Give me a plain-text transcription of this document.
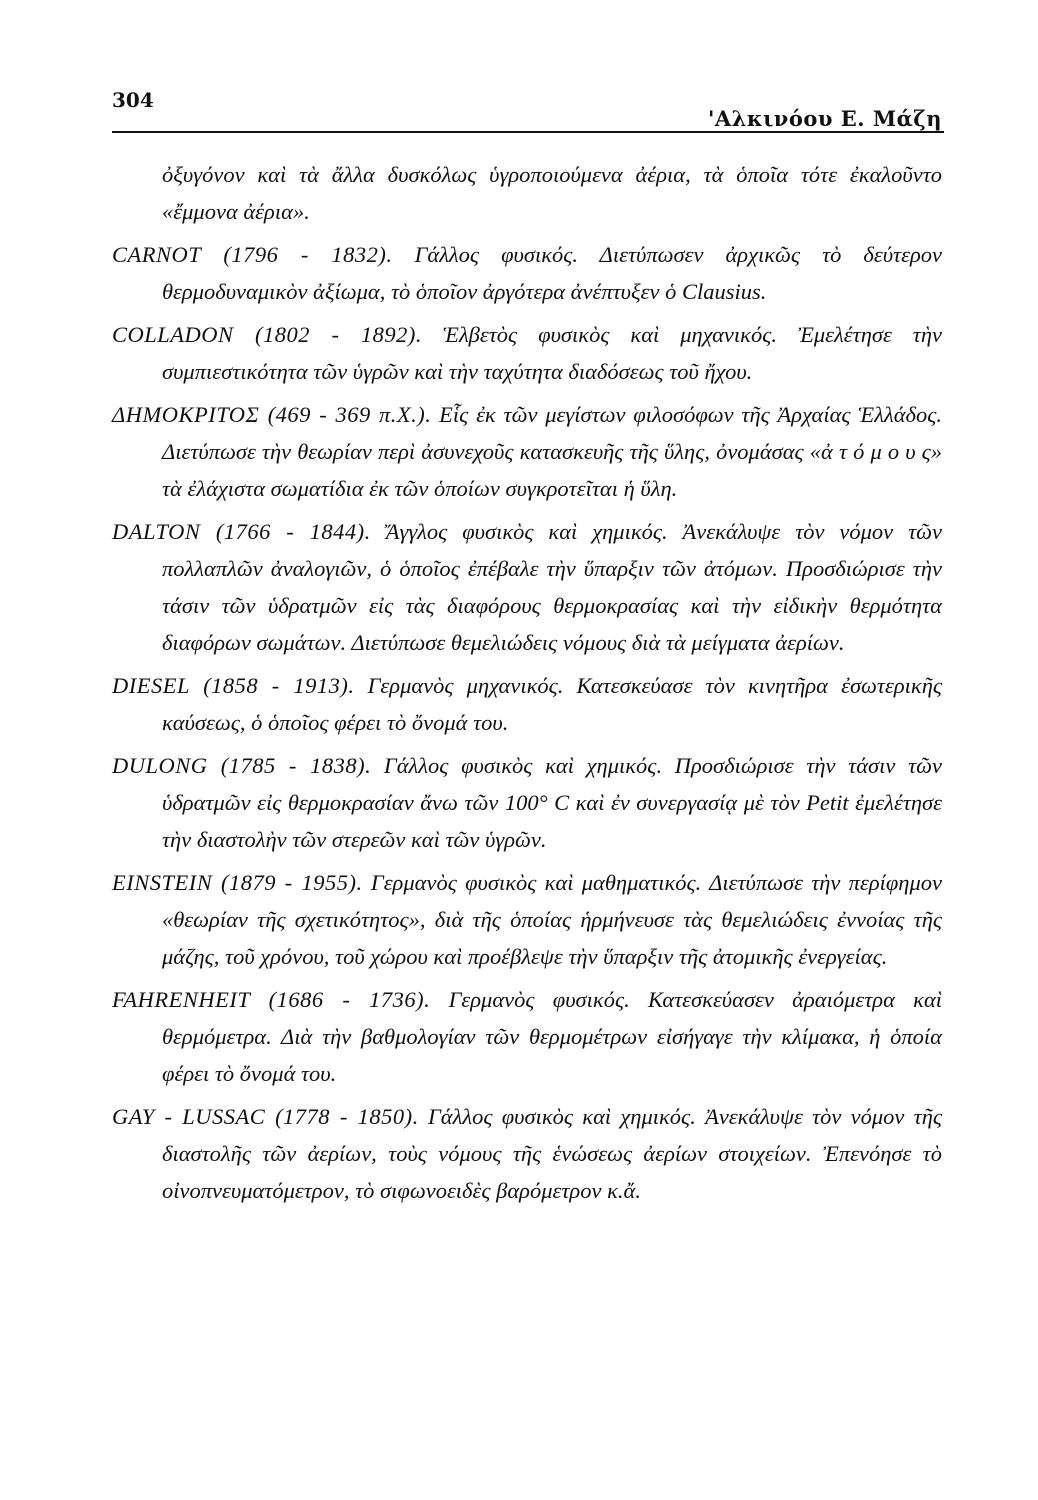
304
'Αλκινόου Ε. Μάζη

ὀξυγόνον καὶ τὰ ἄλλα δυσκόλως ὑγροποιούμενα ἀέρια, τὰ ὁποῖα τότε ἐκαλοῦντο «ἔμμονα ἀέρια».

CARNOT (1796 - 1832). Γάλλος φυσικός. Διετύπωσεν ἀρχικῶς τὸ δεύτερον θερμοδυναμικὸν ἀξίωμα, τὸ ὁποῖον ἀργότερα ἀνέπτυξεν ὁ Clausius.

COLLADON (1802 - 1892). Ἑλβετὸς φυσικὸς καὶ μηχανικός. Ἐμελέτησε τὴν συμπιεστικότητα τῶν ὑγρῶν καὶ τὴν ταχύτητα διαδόσεως τοῦ ἤχου.

ΔΗΜΟΚΡΙΤΟΣ (469 - 369 π.Χ.). Εἷς ἐκ τῶν μεγίστων φιλοσόφων τῆς Ἀρχαίας Ἑλλάδος. Διετύπωσε τὴν θεωρίαν περὶ ἀσυνεχοῦς κατασκευῆς τῆς ὕλης, ὀνομάσας «ἀ τ ό μ ο υ ς» τὰ ἐλάχιστα σωματίδια ἐκ τῶν ὁποίων συγκροτεῖται ἡ ὕλη.

DALTON (1766 - 1844). Ἄγγλος φυσικὸς καὶ χημικός. Ἀνεκάλυψε τὸν νόμον τῶν πολλαπλῶν ἀναλογιῶν, ὁ ὁποῖος ἐπέβαλε τὴν ὕπαρξιν τῶν ἀτόμων. Προσδιώρισε τὴν τάσιν τῶν ὑδρατμῶν εἰς τὰς διαφόρους θερμοκρασίας καὶ τὴν εἰδικὴν θερμότητα διαφόρων σωμάτων. Διετύπωσε θεμελιώδεις νόμους διὰ τὰ μείγματα ἀερίων.

DIESEL (1858 - 1913). Γερμανὸς μηχανικός. Κατεσκεύασε τὸν κινητῆρα ἐσωτερικῆς καύσεως, ὁ ὁποῖος φέρει τὸ ὄνομά του.

DULONG (1785 - 1838). Γάλλος φυσικὸς καὶ χημικός. Προσδιώρισε τὴν τάσιν τῶν ὑδρατμῶν εἰς θερμοκρασίαν ἄνω τῶν 100° C καὶ ἐν συνεργασίᾳ μὲ τὸν Petit ἐμελέτησε τὴν διαστολὴν τῶν στερεῶν καὶ τῶν ὑγρῶν.

EINSTEIN (1879 - 1955). Γερμανὸς φυσικὸς καὶ μαθηματικός. Διετύπωσε τὴν περίφημον «θεωρίαν τῆς σχετικότητος», διὰ τῆς ὁποίας ἡρμήνευσε τὰς θεμελιώδεις ἐννοίας τῆς μάζης, τοῦ χρόνου, τοῦ χώρου καὶ προέβλεψε τὴν ὕπαρξιν τῆς ἀτομικῆς ἐνεργείας.

FAHRENHEIT (1686 - 1736). Γερμανὸς φυσικός. Κατεσκεύασεν ἀραιόμετρα καὶ θερμόμετρα. Διὰ τὴν βαθμολογίαν τῶν θερμομέτρων εἰσήγαγε τὴν κλίμακα, ἡ ὁποία φέρει τὸ ὄνομά του.

GAY - LUSSAC (1778 - 1850). Γάλλος φυσικὸς καὶ χημικός. Ἀνεκάλυψε τὸν νόμον τῆς διαστολῆς τῶν ἀερίων, τοὺς νόμους τῆς ἑνώσεως ἀερίων στοιχείων. Ἐπενόησε τὸ οἰνοπνευματόμετρον, τὸ σιφωνοειδὲς βαρόμετρον κ.ἄ.
